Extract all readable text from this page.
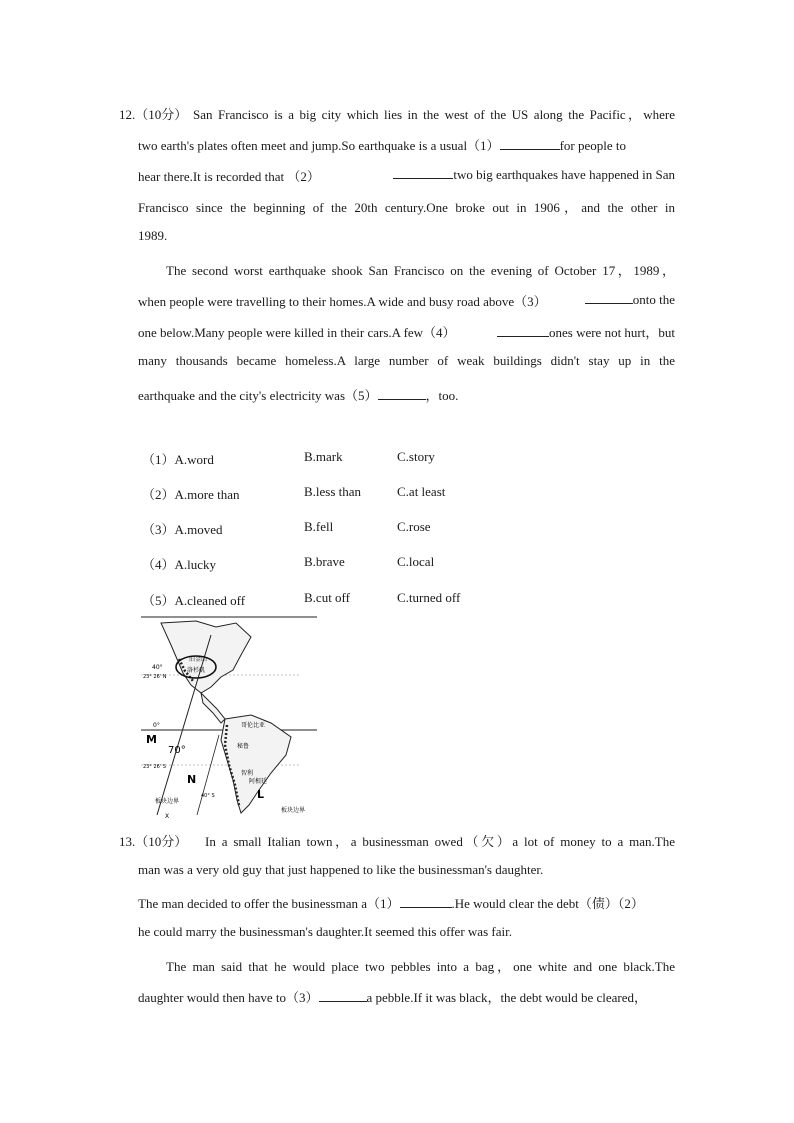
12.（10分） San Francisco is a big city which lies in the west of the US along the Pacific，where
two earth's plates often meet and jump.So earthquake is a usual（1）	for people to
hear there.It is recorded that （2）	two big earthquakes have happened in San
Francisco since the beginning of the 20th century.One broke out in 1906，and the other in
1989.
The second worst earthquake shook San Francisco on the evening of October 17，1989，
when people were travelling to their homes.A wide and busy road above（3）	onto the
one below.Many people were killed in their cars.A few（4）	ones were not hurt，but
many thousands became homeless.A large number of weak buildings didn't stay up in the
earthquake and the city's electricity was（5）	，too.
（1）A.word	B.mark	C.story
（2）A.more than	B.less than	C.at least
（3）A.moved	B.fell	C.rose
（4）A.lucky	B.brave	C.local
（5）A.cleaned off	B.cut off	C.turned off
40°
23° 26' N
0°
M
70°
23° 26' S
N
40° S	L
X
旧金山
洛杉矶
哥伦比亚
秘鲁
智利
阿根廷
板块边界
板块边界
13.（10分） In a small Italian town，a businessman owed（欠）a lot of money to a man.The
man was a very old guy that just happened to like the businessman's daughter.
The man decided to offer the businessman a（1）	.He would clear the debt（债）（2）
he could marry the businessman's daughter.It seemed this offer was fair.
The man said that he would place two pebbles into a bag，one white and one black.The
daughter would then have to（3）	a pebble.If it was black，the debt would be cleared，
